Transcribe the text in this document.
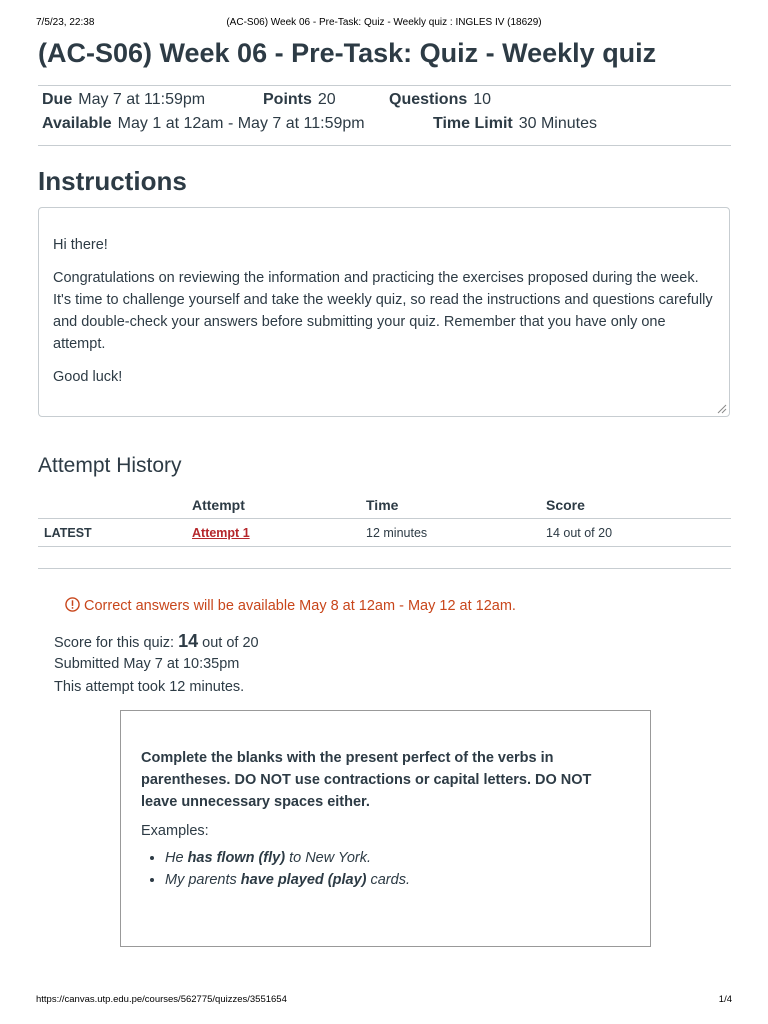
7/5/23, 22:38	(AC-S06) Week 06 - Pre-Task: Quiz - Weekly quiz : INGLES IV (18629)
(AC-S06) Week 06 - Pre-Task: Quiz - Weekly quiz
Due May 7 at 11:59pm	Points 20	Questions 10
Available May 1 at 12am - May 7 at 11:59pm	Time Limit 30 Minutes
Instructions

Hi there!

Congratulations on reviewing the information and practicing the exercises proposed during the week. It's time to challenge yourself and take the weekly quiz, so read the instructions and questions carefully and double-check your answers before submitting your quiz. Remember that you have only one attempt.

Good luck!

Attempt History
	Attempt	Time	Score
LATEST	Attempt 1	12 minutes	14 out of 20
Correct answers will be available May 8 at 12am - May 12 at 12am.
Score for this quiz: 14 out of 20
Submitted May 7 at 10:35pm
This attempt took 12 minutes.

Complete the blanks with the present perfect of the verbs in parentheses. DO NOT use contractions or capital letters. DO NOT leave unnecessary spaces either.

Examples:

• He has flown (fly) to New York.
• My parents have played (play) cards.
https://canvas.utp.edu.pe/courses/562775/quizzes/3551654	1/4
